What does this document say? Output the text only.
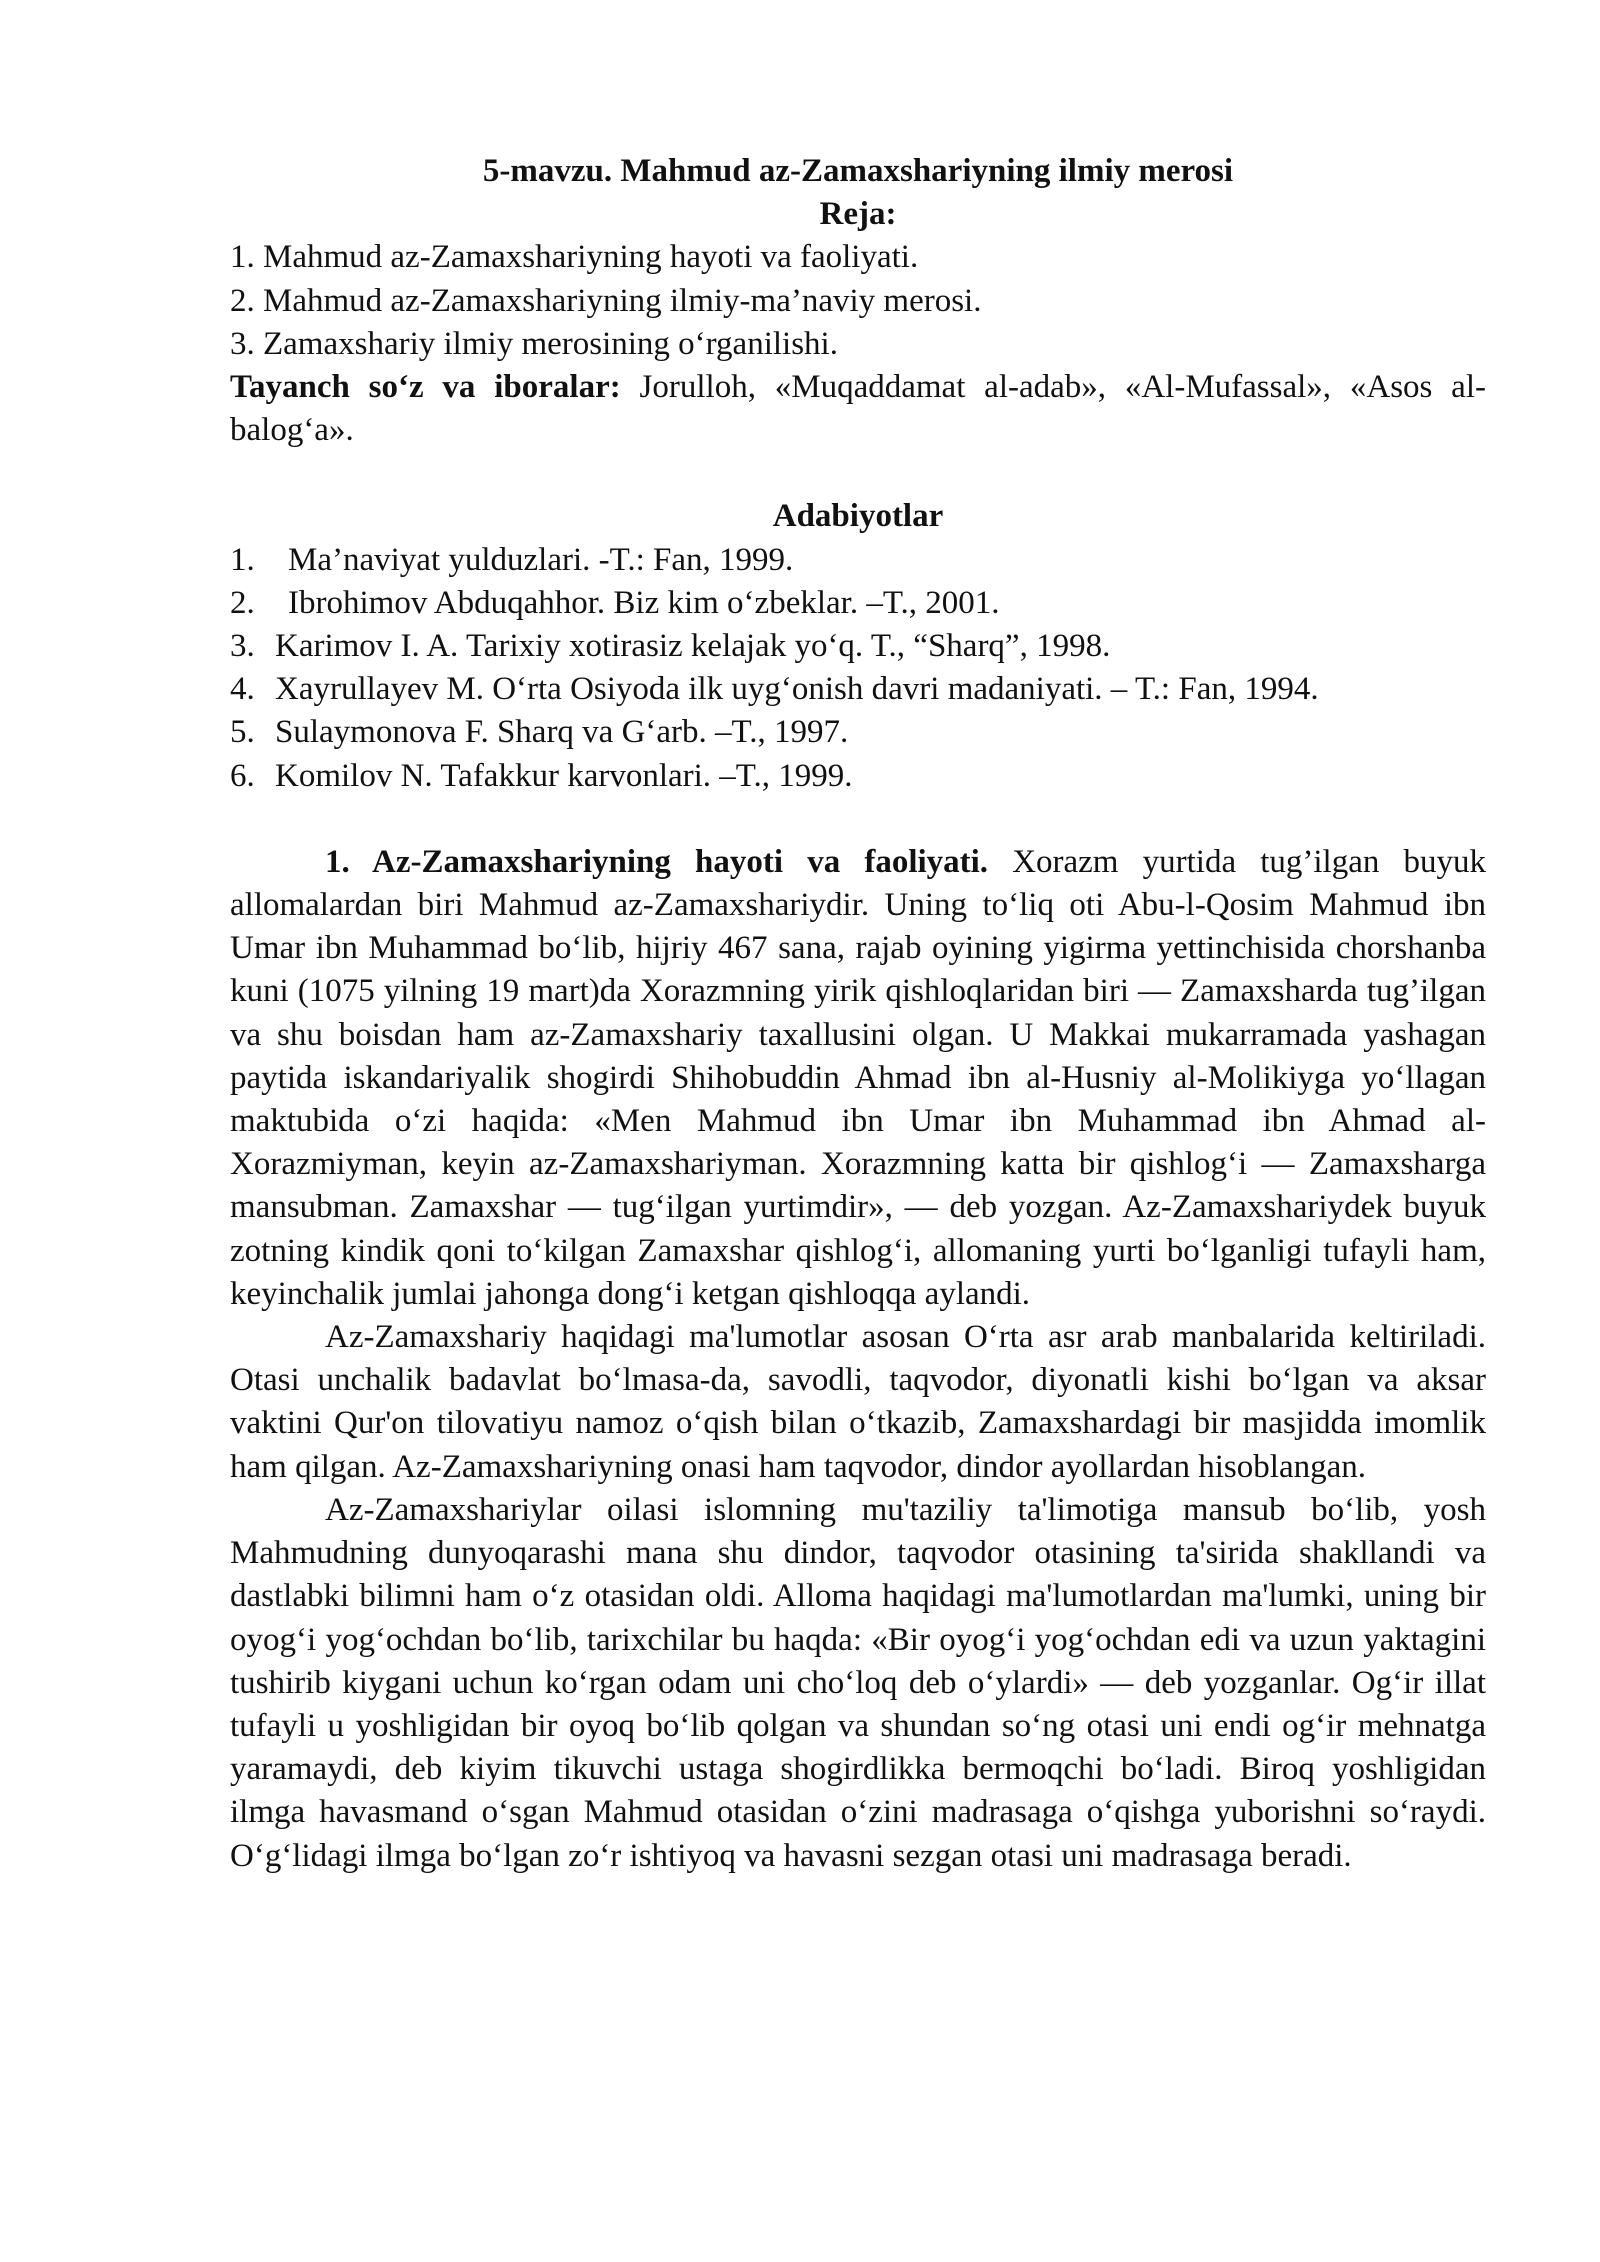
5-mavzu. Mahmud az-Zamaxshariyning ilmiy merosi

Reja:

1. Mahmud az-Zamaxshariyning hayoti va faoliyati.

2. Mahmud az-Zamaxshariyning ilmiy-ma’naviy merosi.

3. Zamaxshariy ilmiy merosining o‘rganilishi.

Tayanch so‘z va iboralar: Jorulloh, «Muqaddamat al-adab», «Al-Mufassal», «Asos al-balog‘a».

Adabiyotlar

1. Ma’naviyat yulduzlari. -T.: Fan, 1999.

2. Ibrohimov Abduqahhor. Biz kim o‘zbeklar. –T., 2001.

3. Karimov I. A. Tarixiy xotirasiz kelajak yo‘q. T., “Sharq”, 1998.

4. Xayrullayev M. O‘rta Osiyoda ilk uyg‘onish davri madaniyati. – T.: Fan, 1994.

5. Sulaymonova F. Sharq va G‘arb. –T., 1997.

6. Komilov N. Tafakkur karvonlari. –T., 1999.

1. Az-Zamaxshariyning hayoti va faoliyati. Xorazm yurtida tug’ilgan buyuk allomalardan biri Mahmud az-Zamaxshariydir. Uning to‘liq oti Abu-l-Qosim Mahmud ibn Umar ibn Muhammad bo‘lib, hijriy 467 sana, rajab oyining yigirma yettinchisida chorshanba kuni (1075 yilning 19 mart)da Xorazmning yirik qishloqlaridan biri — Zamaxsharda tug’ilgan va shu boisdan ham az-Zamaxshariy taxallusini olgan. U Makkai mukarramada yashagan paytida iskandariyalik shogirdi Shihobuddin Ahmad ibn al-Husniy al-Molikiyga yo‘llagan maktubida o‘zi haqida: «Men Mahmud ibn Umar ibn Muhammad ibn Ahmad al-Xorazmiyman, keyin az-Zamaxshariyman. Xorazmning katta bir qishlog‘i — Zamaxsharga mansubman. Zamaxshar — tug‘ilgan yurtimdir», — deb yozgan. Az-Zamaxshariydek buyuk zotning kindik qoni to‘kilgan Zamaxshar qishlog‘i, allomaning yurti bo‘lganligi tufayli ham, keyinchalik jumlai jahonga dong‘i ketgan qishloqqa aylandi.

Az-Zamaxshariy haqidagi ma'lumotlar asosan O‘rta asr arab manbalarida keltiriladi. Otasi unchalik badavlat bo‘lmasa-da, savodli, taqvodor, diyonatli kishi bo‘lgan va aksar vaktini Qur'on tilovatiyu namoz o‘qish bilan o‘tkazib, Zamaxshardagi bir masjidda imomlik ham qilgan. Az-Zamaxshariyning onasi ham taqvodor, dindor ayollardan hisoblangan.

Az-Zamaxshariylar oilasi islomning mu'taziliy ta'limotiga mansub bo‘lib, yosh Mahmudning dunyoqarashi mana shu dindor, taqvodor otasining ta'sirida shakllandi va dastlabki bilimni ham o‘z otasidan oldi. Alloma haqidagi ma'lumotlardan ma'lumki, uning bir oyog‘i yog‘ochdan bo‘lib, tarixchilar bu haqda: «Bir oyog‘i yog‘ochdan edi va uzun yaktagini tushirib kiygani uchun ko‘rgan odam uni cho‘loq deb o‘ylardi» — deb yozganlar. Og‘ir illat tufayli u yoshligidan bir oyoq bo‘lib qolgan va shundan so‘ng otasi uni endi og‘ir mehnatga yaramaydi, deb kiyim tikuvchi ustaga shogirdlikka bermoqchi bo‘ladi. Biroq yoshligidan ilmga havasmand o‘sgan Mahmud otasidan o‘zini madrasaga o‘qishga yuborishni so‘raydi. O‘g‘lidagi ilmga bo‘lgan zo‘r ishtiyoq va havasni sezgan otasi uni madrasaga beradi.
